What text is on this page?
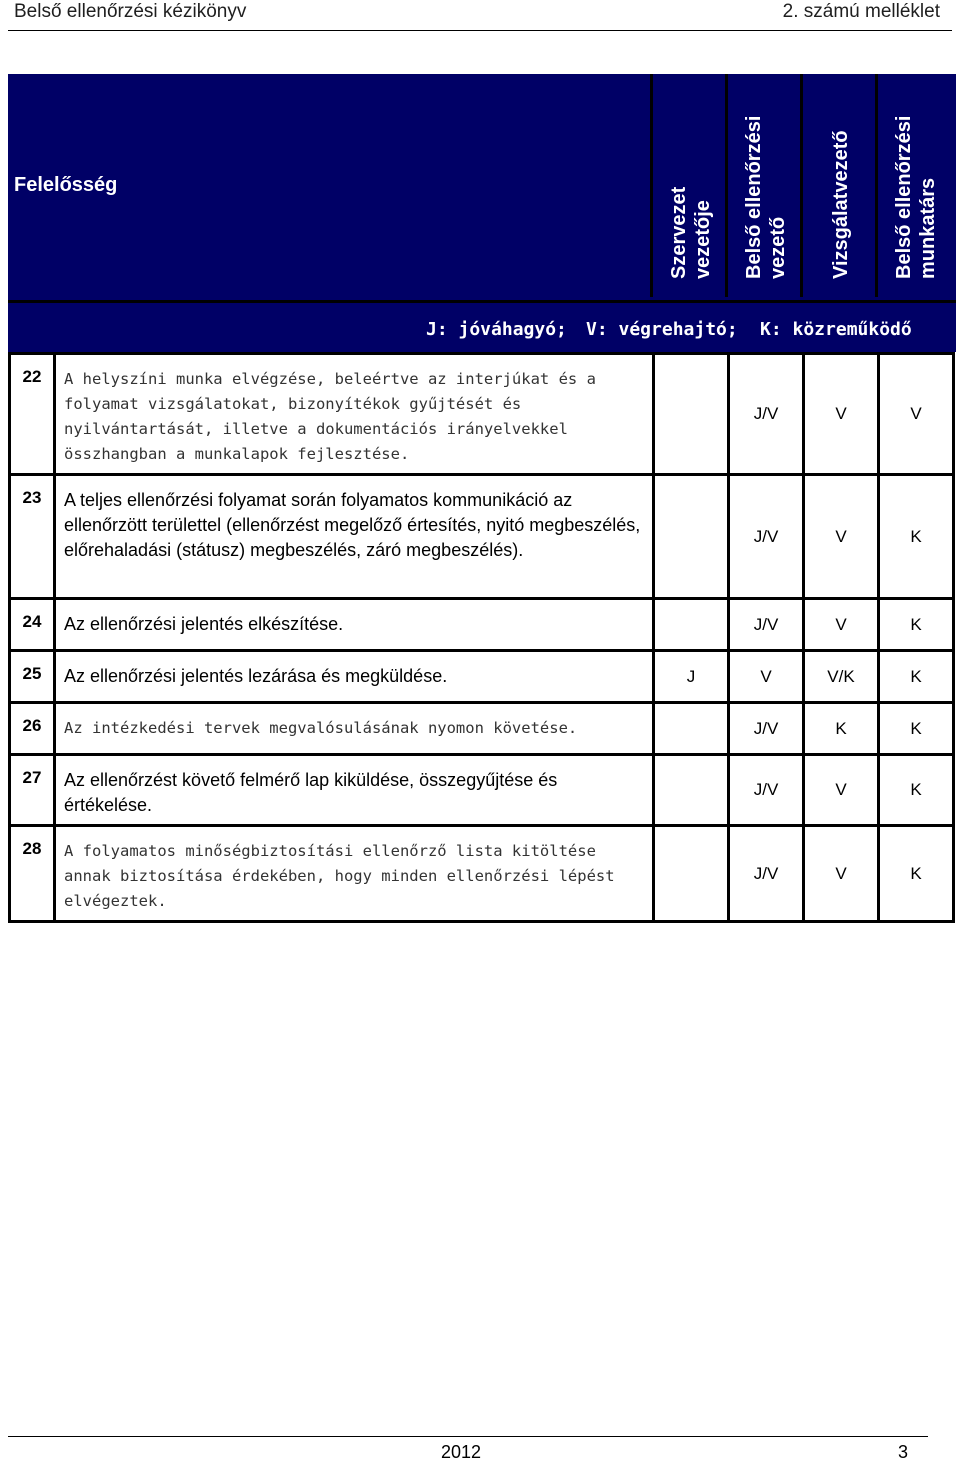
Belső ellenőrzési kézikönyv	2. számú melléklet
Felelősség
Szervezet vezetője Belső ellenőrzési vezető Vizsgálatvezető Belső ellenőrzési munkatárs
J: jóváhagyó; V: végrehajtó; K: közreműködő
22	A helyszíni munka elvégzése, beleértve az interjúkat és a folyamat vizsgálatokat, bizonyítékok gyűjtését és nyilvántartását, illetve a dokumentációs irányelvekkel összhangban a munkalapok fejlesztése.		J/V	V	V
23	A teljes ellenőrzési folyamat során folyamatos kommunikáció az ellenőrzött területtel (ellenőrzést megelőző értesítés, nyitó megbeszélés, előrehaladási (státusz) megbeszélés, záró megbeszélés).		J/V	V	K
24	Az ellenőrzési jelentés elkészítése.		J/V	V	K
25	Az ellenőrzési jelentés lezárása és megküldése.	J	V	V/K	K
26	Az intézkedési tervek megvalósulásának nyomon követése.		J/V	K	K
27	Az ellenőrzést követő felmérő lap kiküldése, összegyűjtése és értékelése.		J/V	V	K
28	A folyamatos minőségbiztosítási ellenőrző lista kitöltése annak biztosítása érdekében, hogy minden ellenőrzési lépést elvégeztek.		J/V	V	K
2012	3
